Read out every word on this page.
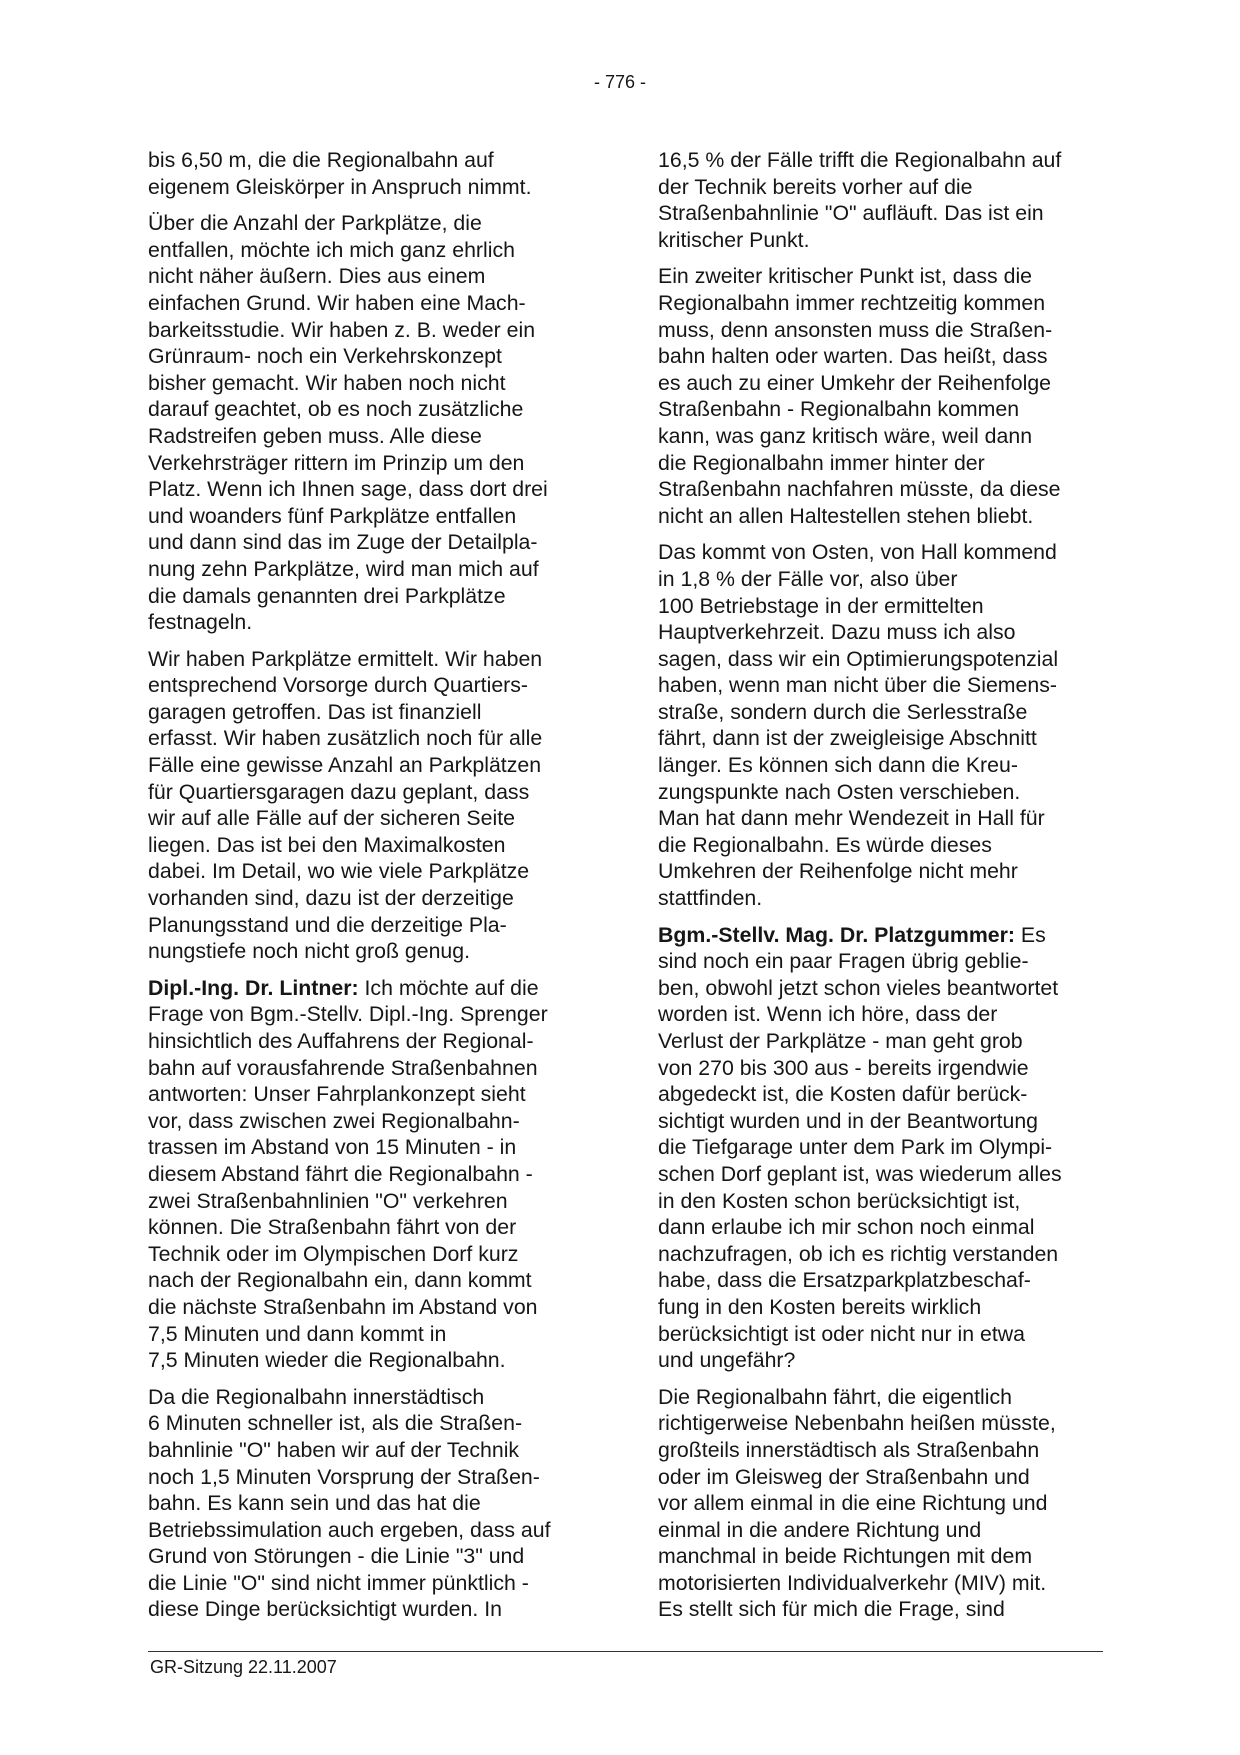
- 776 -

bis 6,50 m, die die Regionalbahn auf
eigenem Gleiskörper in Anspruch nimmt.

Über die Anzahl der Parkplätze, die
entfallen, möchte ich mich ganz ehrlich
nicht näher äußern. Dies aus einem
einfachen Grund. Wir haben eine Mach-
barkeitsstudie. Wir haben z. B. weder ein
Grünraum- noch ein Verkehrskonzept
bisher gemacht. Wir haben noch nicht
darauf geachtet, ob es noch zusätzliche
Radstreifen geben muss. Alle diese
Verkehrsträger rittern im Prinzip um den
Platz. Wenn ich Ihnen sage, dass dort drei
und woanders fünf Parkplätze entfallen
und dann sind das im Zuge der Detailpla-
nung zehn Parkplätze, wird man mich auf
die damals genannten drei Parkplätze
festnageln.

Wir haben Parkplätze ermittelt. Wir haben
entsprechend Vorsorge durch Quartiers-
garagen getroffen. Das ist finanziell
erfasst. Wir haben zusätzlich noch für alle
Fälle eine gewisse Anzahl an Parkplätzen
für Quartiersgaragen dazu geplant, dass
wir auf alle Fälle auf der sicheren Seite
liegen. Das ist bei den Maximalkosten
dabei. Im Detail, wo wie viele Parkplätze
vorhanden sind, dazu ist der derzeitige
Planungsstand und die derzeitige Pla-
nungstiefe noch nicht groß genug.

Dipl.-Ing. Dr. Lintner: Ich möchte auf die
Frage von Bgm.-Stellv. Dipl.-Ing. Sprenger
hinsichtlich des Auffahrens der Regional-
bahn auf vorausfahrende Straßenbahnen
antworten: Unser Fahrplankonzept sieht
vor, dass zwischen zwei Regionalbahn-
trassen im Abstand von 15 Minuten - in
diesem Abstand fährt die Regionalbahn -
zwei Straßenbahnlinien "O" verkehren
können. Die Straßenbahn fährt von der
Technik oder im Olympischen Dorf kurz
nach der Regionalbahn ein, dann kommt
die nächste Straßenbahn im Abstand von
7,5 Minuten und dann kommt in
7,5 Minuten wieder die Regionalbahn.

Da die Regionalbahn innerstädtisch
6 Minuten schneller ist, als die Straßen-
bahnlinie "O" haben wir auf der Technik
noch 1,5 Minuten Vorsprung der Straßen-
bahn. Es kann sein und das hat die
Betriebssimulation auch ergeben, dass auf
Grund von Störungen - die Linie "3" und
die Linie "O" sind nicht immer pünktlich -
diese Dinge berücksichtigt wurden. In

16,5 % der Fälle trifft die Regionalbahn auf
der Technik bereits vorher auf die
Straßenbahnlinie "O" aufläuft. Das ist ein
kritischer Punkt.

Ein zweiter kritischer Punkt ist, dass die
Regionalbahn immer rechtzeitig kommen
muss, denn ansonsten muss die Straßen-
bahn halten oder warten. Das heißt, dass
es auch zu einer Umkehr der Reihenfolge
Straßenbahn - Regionalbahn kommen
kann, was ganz kritisch wäre, weil dann
die Regionalbahn immer hinter der
Straßenbahn nachfahren müsste, da diese
nicht an allen Haltestellen stehen bliebt.

Das kommt von Osten, von Hall kommend
in 1,8 % der Fälle vor, also über
100 Betriebstage in der ermittelten
Hauptverkehrzeit. Dazu muss ich also
sagen, dass wir ein Optimierungspotenzial
haben, wenn man nicht über die Siemens-
straße, sondern durch die Serlesstraße
fährt, dann ist der zweigleisige Abschnitt
länger. Es können sich dann die Kreu-
zungspunkte nach Osten verschieben.
Man hat dann mehr Wendezeit in Hall für
die Regionalbahn. Es würde dieses
Umkehren der Reihenfolge nicht mehr
stattfinden.

Bgm.-Stellv. Mag. Dr. Platzgummer: Es
sind noch ein paar Fragen übrig geblie-
ben, obwohl jetzt schon vieles beantwortet
worden ist. Wenn ich höre, dass der
Verlust der Parkplätze - man geht grob
von 270 bis 300 aus - bereits irgendwie
abgedeckt ist, die Kosten dafür berück-
sichtigt wurden und in der Beantwortung
die Tiefgarage unter dem Park im Olympi-
schen Dorf geplant ist, was wiederum alles
in den Kosten schon berücksichtigt ist,
dann erlaube ich mir schon noch einmal
nachzufragen, ob ich es richtig verstanden
habe, dass die Ersatzparkplatzbeschaf-
fung in den Kosten bereits wirklich
berücksichtigt ist oder nicht nur in etwa
und ungefähr?

Die Regionalbahn fährt, die eigentlich
richtigerweise Nebenbahn heißen müsste,
großteils innerstädtisch als Straßenbahn
oder im Gleisweg der Straßenbahn und
vor allem einmal in die eine Richtung und
einmal in die andere Richtung und
manchmal in beide Richtungen mit dem
motorisierten Individualverkehr (MIV) mit.
Es stellt sich für mich die Frage, sind

GR-Sitzung 22.11.2007
